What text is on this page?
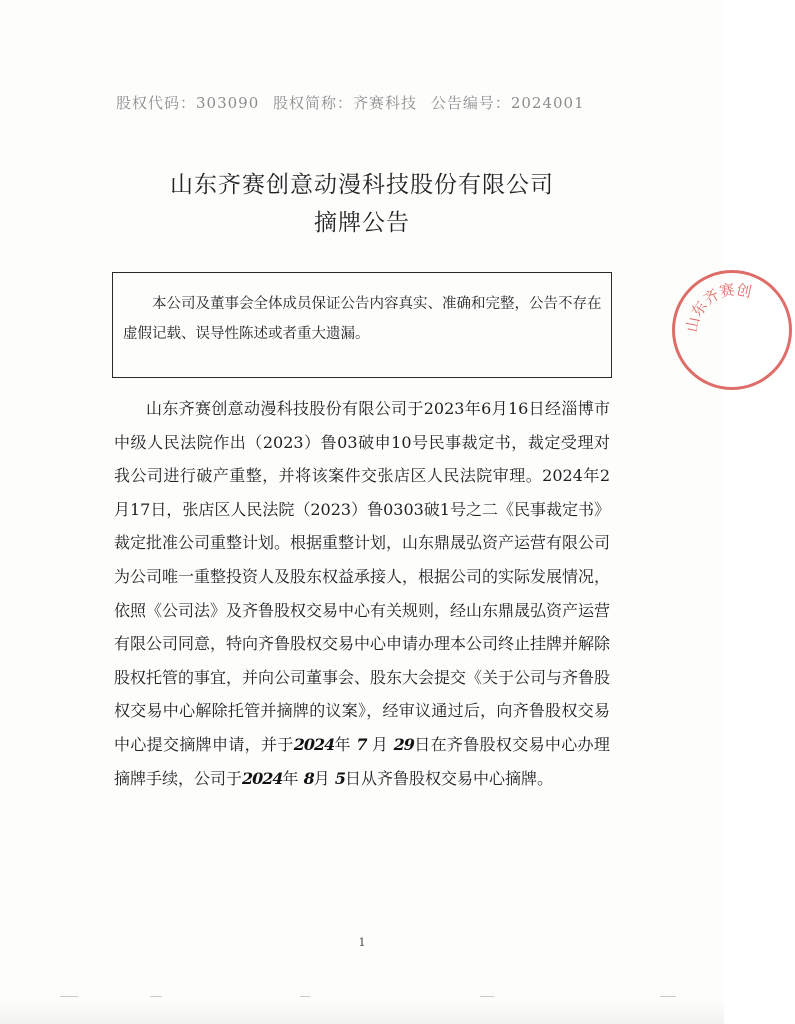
股权代码：303090 股权简称：齐赛科技 公告编号：2024001
山东齐赛创意动漫科技股份有限公司
摘牌公告
本公司及董事会全体成员保证公告内容真实、准确和完整，公告不存在虚假记载、误导性陈述或者重大遗漏。
山东齐赛创意动漫科技股份有限公司于2023年6月16日经淄博市中级人民法院作出（2023）鲁03破申10号民事裁定书，裁定受理对我公司进行破产重整，并将该案件交张店区人民法院审理。2024年2月17日，张店区人民法院（2023）鲁0303破1号之二《民事裁定书》裁定批准公司重整计划。根据重整计划，山东鼎晟弘资产运营有限公司为公司唯一重整投资人及股东权益承接人，根据公司的实际发展情况，依照《公司法》及齐鲁股权交易中心有关规则，经山东鼎晟弘资产运营有限公司同意，特向齐鲁股权交易中心申请办理本公司终止挂牌并解除股权托管的事宜，并向公司董事会、股东大会提交《关于公司与齐鲁股权交易中心解除托管并摘牌的议案》，经审议通过后，向齐鲁股权交易中心提交摘牌申请，并于2024年 7 月 29日在齐鲁股权交易中心办理摘牌手续，公司于2024年 8月 5日从齐鲁股权交易中心摘牌。
1
山东齐赛创
